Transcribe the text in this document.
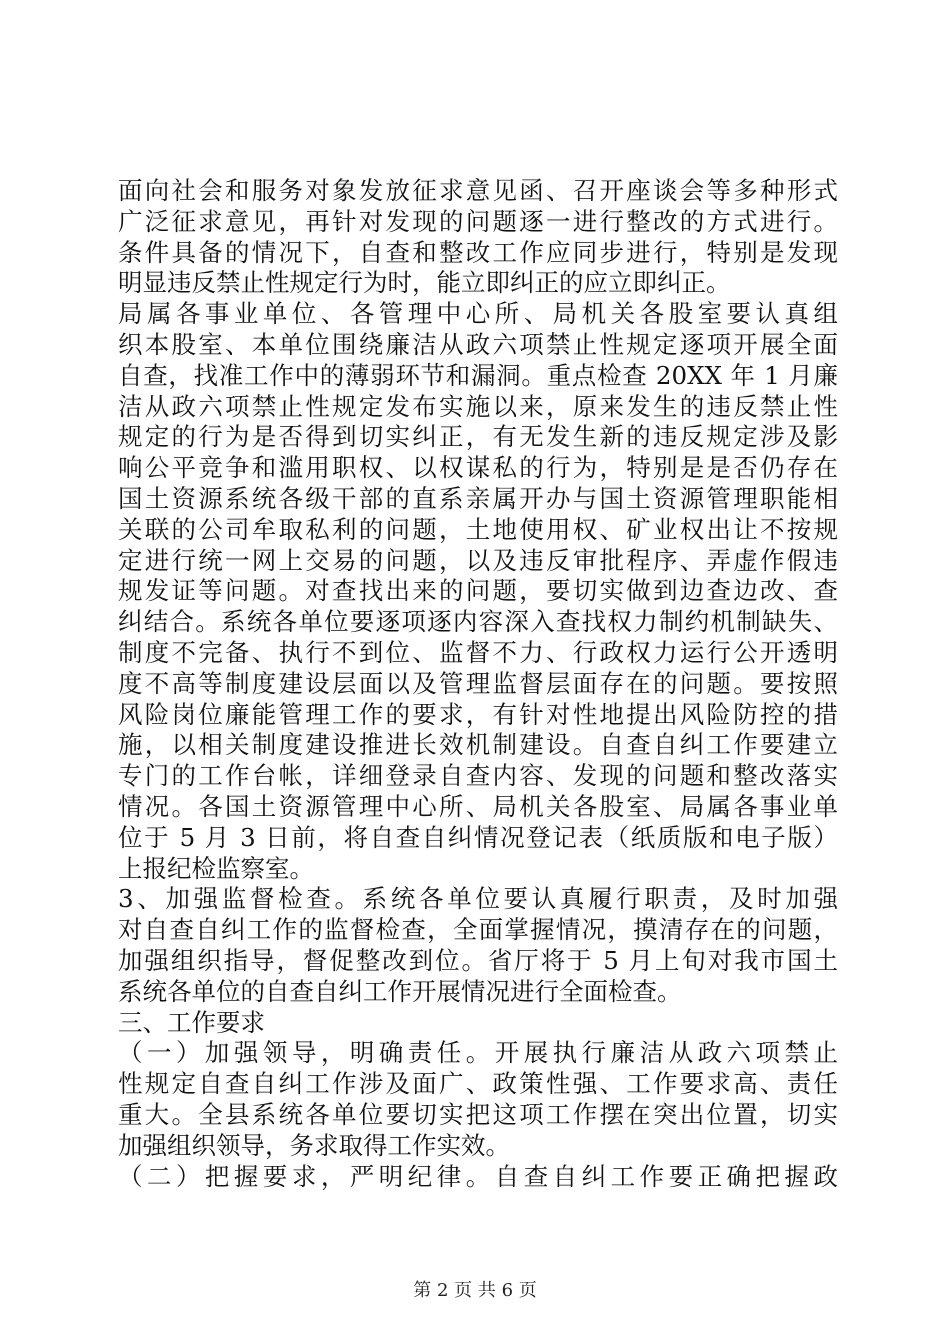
面向社会和服务对象发放征求意见函、召开座谈会等多种形式
广泛征求意见，再针对发现的问题逐一进行整改的方式进行。
条件具备的情况下，自查和整改工作应同步进行，特别是发现
明显违反禁止性规定行为时，能立即纠正的应立即纠正。
局属各事业单位、各管理中心所、局机关各股室要认真组
织本股室、本单位围绕廉洁从政六项禁止性规定逐项开展全面
自查，找准工作中的薄弱环节和漏洞。重点检查 20XX 年 1 月廉
洁从政六项禁止性规定发布实施以来，原来发生的违反禁止性
规定的行为是否得到切实纠正，有无发生新的违反规定涉及影
响公平竞争和滥用职权、以权谋私的行为，特别是是否仍存在
国土资源系统各级干部的直系亲属开办与国土资源管理职能相
关联的公司牟取私利的问题，土地使用权、矿业权出让不按规
定进行统一网上交易的问题，以及违反审批程序、弄虚作假违
规发证等问题。对查找出来的问题，要切实做到边查边改、查
纠结合。系统各单位要逐项逐内容深入查找权力制约机制缺失、
制度不完备、执行不到位、监督不力、行政权力运行公开透明
度不高等制度建设层面以及管理监督层面存在的问题。要按照
风险岗位廉能管理工作的要求，有针对性地提出风险防控的措
施，以相关制度建设推进长效机制建设。自查自纠工作要建立
专门的工作台帐，详细登录自查内容、发现的问题和整改落实
情况。各国土资源管理中心所、局机关各股室、局属各事业单
位于 5 月 3 日前，将自查自纠情况登记表（纸质版和电子版）
上报纪检监察室。
3、加强监督检查。系统各单位要认真履行职责，及时加强
对自查自纠工作的监督检查，全面掌握情况，摸清存在的问题，
加强组织指导，督促整改到位。省厅将于 5 月上旬对我市国土
系统各单位的自查自纠工作开展情况进行全面检查。
三、工作要求
（一）加强领导，明确责任。开展执行廉洁从政六项禁止
性规定自查自纠工作涉及面广、政策性强、工作要求高、责任
重大。全县系统各单位要切实把这项工作摆在突出位置，切实
加强组织领导，务求取得工作实效。
（二）把握要求，严明纪律。自查自纠工作要正确把握政
第 2 页 共 6 页
